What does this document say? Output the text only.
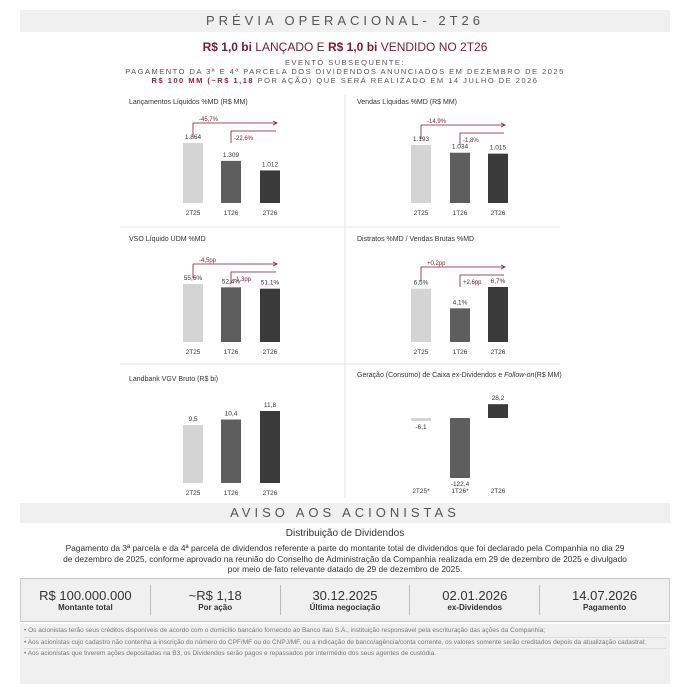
PRÉVIA OPERACIONAL- 2T26
R$ 1,0 bi LANÇADO E R$ 1,0 bi VENDIDO NO 2T26
EVENTO SUBSEQUENTE:
PAGAMENTO DA 3ª E 4ª PARCELA DOS DIVIDENDOS ANUNCIADOS EM DEZEMBRO DE 2025
R$ 100 MM (~R$ 1,18 POR AÇÃO) QUE SERÁ REALIZADO EM 14 JULHO DE 2026
Lançamentos Líquidos %MD (R$ MM)	Vendas Líquidas %MD (R$ MM)
VSO Líquido UDM %MD	Distratos %MD / Vendas Brutas %MD
Landbank VGV Bruto (R$ bi)
Geração (Consumo) de Caixa ex-Dividendos e Follow-on(R$ MM)
1.864
2T25
1.309
1T26
1.012
2T26
-45,7%
-22,6%	1.193
2T25
1.034
1T26
1.015
2T26
-14,9%
-1,8%
55,6%
2T25
52,4%
1T26
51,1%
2T26
-4,5pp
-1,3pp	6,5%
2T25
4,1%
1T26
6,7%
2T26
+0,2pp
+2,6pp
9,5
2T25
10,4
1T26
11,8
2T26
-6,1
2T25*
-122,4
1T26*
28,2
2T26
AVISO AOS ACIONISTAS
Distribuição de Dividendos
Pagamento da 3ª parcela e da 4ª parcela de dividendos referente a parte do montante total de dividendos que foi declarado pela Companhia no dia 29 de dezembro de 2025, conforme aprovado na reunião do Conselho de Administração da Companhia realizada em 29 de dezembro de 2025 e divulgado por meio de fato relevante datado de 29 de dezembro de 2025.
R$ 100.000.000
Montante total
~R$ 1,18
Por ação
30.12.2025
Última negociação
02.01.2026
ex-Dividendos
14.07.2026
Pagamento
• Os acionistas terão seus créditos disponíveis de acordo com o domicílio bancário fornecido ao Banco Itaú S.A., instituição responsável pela escrituração das ações da Companhia;
• Aos acionistas cujo cadastro não contenha a inscrição do número do CPF/MF ou do CNPJ/MF, ou a indicação de banco/agência/conta corrente, os valores somente serão creditados depois da atualização cadastral;
• Aos acionistas que tiverem ações depositadas na B3, os Dividendos serão pagos e repassados por intermédio dos seus agentes de custódia.
